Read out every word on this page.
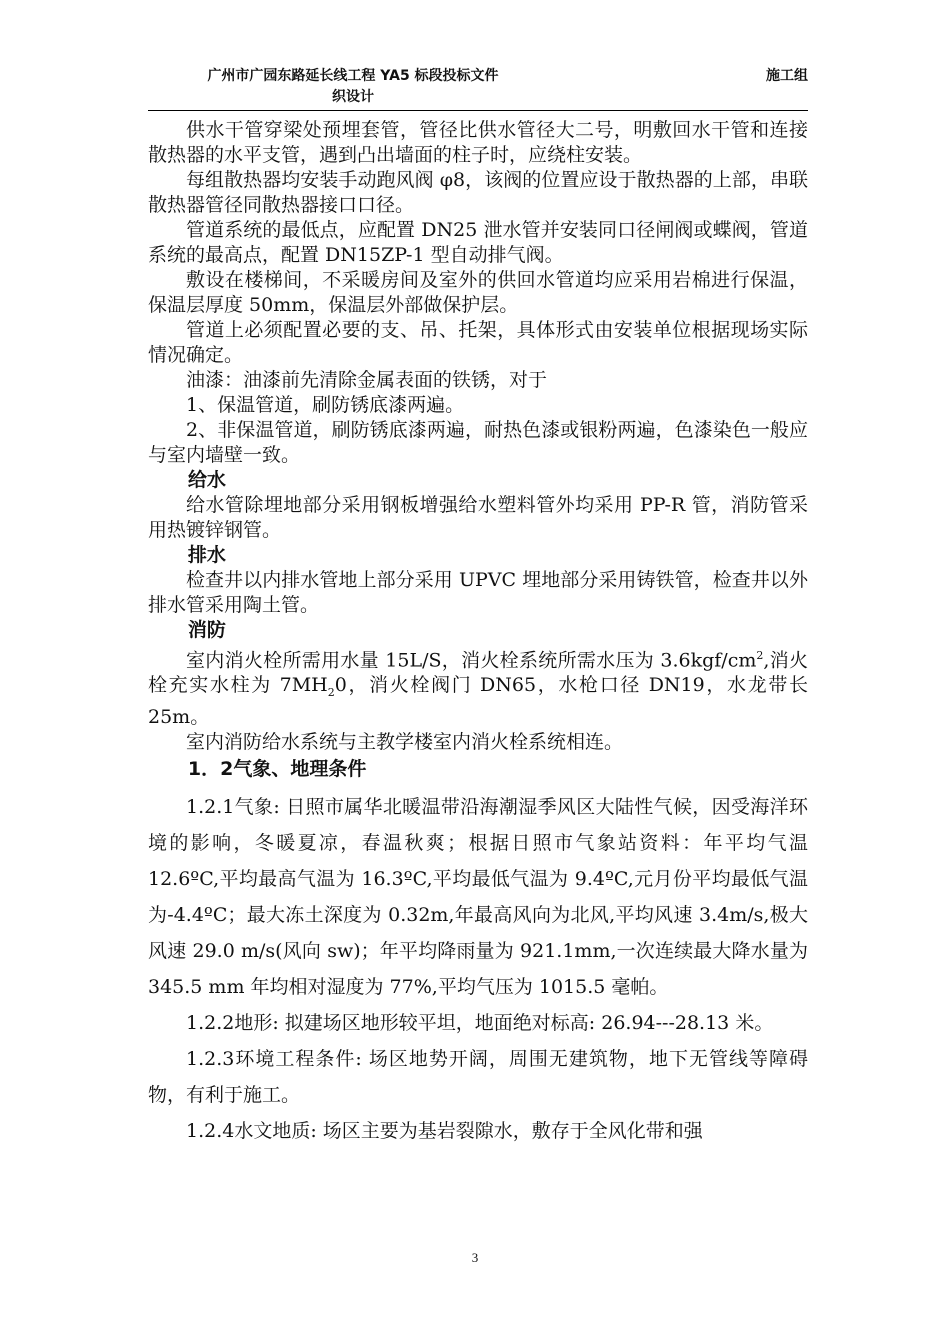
广州市广园东路延长线工程 YA5 标段投标文件
织设计
施工组

供水干管穿梁处预埋套管，管径比供水管径大二号，明敷回水干管和连接散热器的水平支管，遇到凸出墙面的柱子时，应绕柱安装。

每组散热器均安装手动跑风阀 φ8，该阀的位置应设于散热器的上部，串联散热器管径同散热器接口口径。

管道系统的最低点，应配置 DN25 泄水管并安装同口径闸阀或蝶阀，管道系统的最高点，配置 DN15ZP-1 型自动排气阀。

敷设在楼梯间，不采暖房间及室外的供回水管道均应采用岩棉进行保温，保温层厚度 50mm，保温层外部做保护层。

管道上必须配置必要的支、吊、托架，具体形式由安装单位根据现场实际情况确定。

油漆：油漆前先清除金属表面的铁锈，对于

1、保温管道，刷防锈底漆两遍。

2、非保温管道，刷防锈底漆两遍，耐热色漆或银粉两遍，色漆染色一般应与室内墙壁一致。

给水

给水管除埋地部分采用钢板增强给水塑料管外均采用 PP-R 管，消防管采用热镀锌钢管。

排水

检查井以内排水管地上部分采用 UPVC 埋地部分采用铸铁管，检查井以外排水管采用陶土管。

消防

室内消火栓所需用水量 15L/S，消火栓系统所需水压为 $3.6kgf/cm^2$,消火栓充实水柱为 $7MH_20$，消火栓阀门 DN65，水枪口径 DN19，水龙带长 25m。

室内消防给水系统与主教学楼室内消火栓系统相连。

1．2气象、地理条件

1.2.1气象: 日照市属华北暖温带沿海潮湿季风区大陆性气候，因受海洋环境的影响，冬暖夏凉，春温秋爽；根据日照市气象站资料：年平均气温 12.6ºC,平均最高气温为 16.3ºC,平均最低气温为 9.4ºC,元月份平均最低气温为-4.4ºC；最大冻土深度为 0.32m,年最高风向为北风,平均风速 3.4m/s,极大风速 29.0 m/s(风向 sw)；年平均降雨量为 921.1mm,一次连续最大降水量为 345.5 mm 年均相对湿度为 77%,平均气压为 1015.5 毫帕。

1.2.2地形: 拟建场区地形较平坦，地面绝对标高: 26.94---28.13 米。

1.2.3环境工程条件: 场区地势开阔，周围无建筑物，地下无管线等障碍物，有利于施工。

1.2.4水文地质: 场区主要为基岩裂隙水，敷存于全风化带和强

3
